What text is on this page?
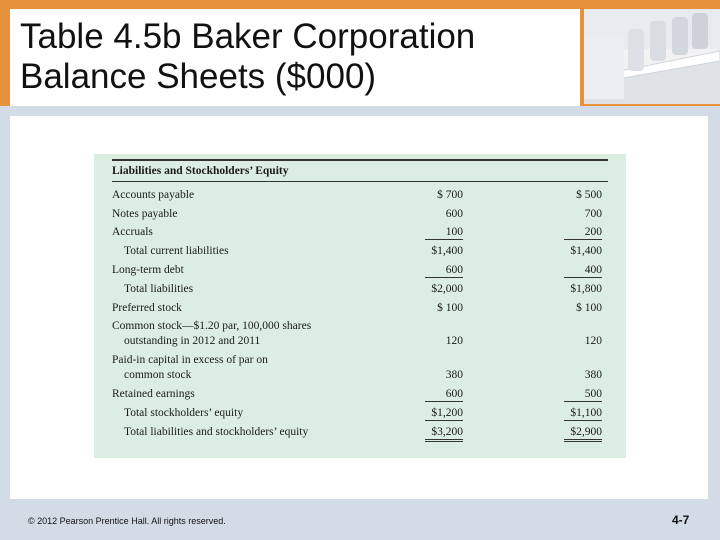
Table 4.5b Baker Corporation
Balance Sheets ($000)
Liabilities and Stockholders’ Equity
Accounts payable	$ 700	$ 500
Notes payable	600	700
Accruals	100	200
Total current liabilities	$1,400	$1,400
Long-term debt	600	400
Total liabilities	$2,000	$1,800
Preferred stock	$ 100	$ 100
Common stock—$1.20 par, 100,000 shares
outstanding in 2012 and 2011	120	120
Paid-in capital in excess of par on
common stock	380	380
Retained earnings	600	500
Total stockholders’ equity	$1,200	$1,100
Total liabilities and stockholders’ equity	$3,200	$2,900
© 2012 Pearson Prentice Hall. All rights reserved.	4-7
